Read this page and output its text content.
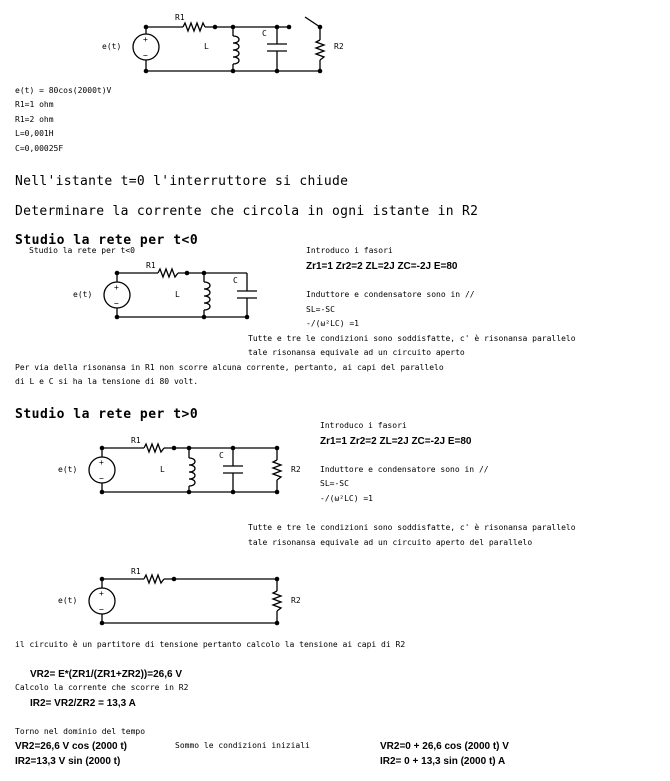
+
−
e(t)
R1
L
C
R2
e(t) = 80cos(2000t)V
R1=1 ohm
R1=2 ohm
L=0,001H
C=0,00025F
Nell'istante t=0 l'interruttore si chiude
Determinare la corrente che circola in ogni istante in R2
Studio la rete per t<0
Studio la rete per t<0
+
−
e(t)
R1
L
C
Introduco i fasori
Zr1=1 Zr2=2 ZL=2J ZC=-2J E=80
Induttore e condensatore sono in //
SL=-SC
-/(ω²LC) =1
Tutte e tre le condizioni sono soddisfatte, c' è risonansa parallelo
tale risonansa equivale ad un circuito aperto
Per via della risonansa in R1 non scorre alcuna corrente, pertanto, ai capi del parallelo
di L e C si ha la tensione di 80 volt.
Studio la rete per t>0
+
−
e(t)
R1
L
C
R2
Introduco i fasori
Zr1=1 Zr2=2 ZL=2J ZC=-2J E=80
Induttore e condensatore sono in //
SL=-SC
-/(ω²LC) =1
Tutte e tre le condizioni sono soddisfatte, c' è risonansa parallelo
tale risonansa equivale ad un circuito aperto del parallelo
+
−
e(t)
R1
R2
il circuito è un partitore di tensione pertanto calcolo la tensione ai capi di R2
VR2= E*(ZR1/(ZR1+ZR2))=26,6 V
Calcolo la corrente che scorre in R2
IR2= VR2/ZR2 = 13,3 A
Torno nel dominio del tempo
VR2=26,6 V cos (2000 t)
IR2=13,3 V sin (2000 t)
Sommo le condizioni iniziali	VR2=0 + 26,6 cos (2000 t) V
IR2= 0 + 13,3 sin (2000 t) A
